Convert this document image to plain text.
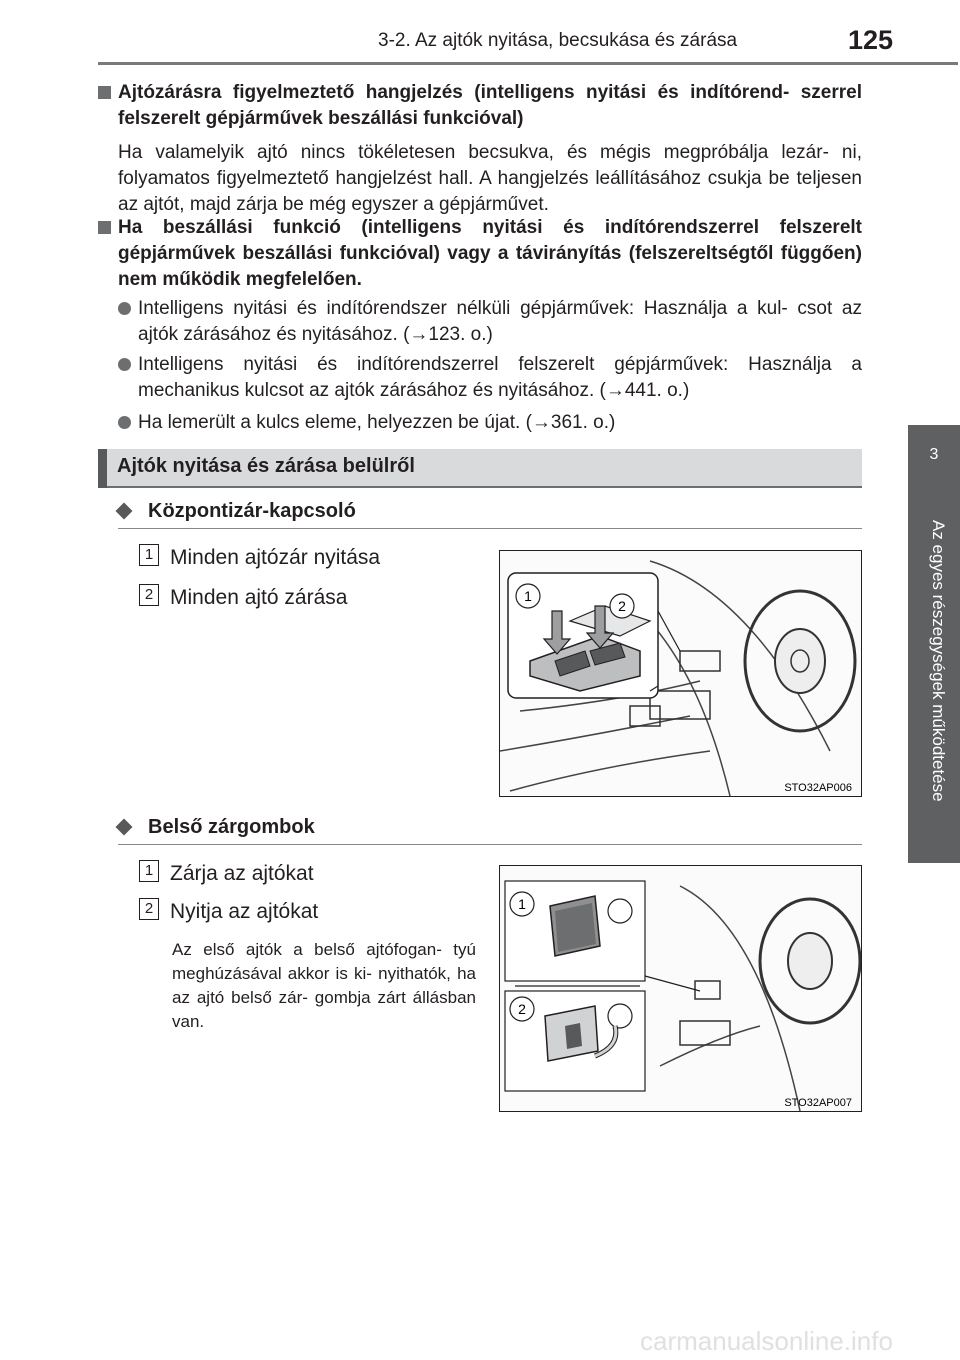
3-2. Az ajtók nyitása, becsukása és zárása	125
3
Az egyes részegységek működtetése
Ajtózárásra figyelmeztető hangjelzés (intelligens nyitási és indítórend- szerrel felszerelt gépjárművek beszállási funkcióval)
Ha valamelyik ajtó nincs tökéletesen becsukva, és mégis megpróbálja lezár- ni, folyamatos figyelmeztető hangjelzést hall. A hangjelzés leállításához csukja be teljesen az ajtót, majd zárja be még egyszer a gépjárművet.
Ha beszállási funkció (intelligens nyitási és indítórendszerrel felszerelt gépjárművek beszállási funkcióval) vagy a távirányítás (felszereltségtől függően) nem működik megfelelően.
Intelligens nyitási és indítórendszer nélküli gépjárművek: Használja a kul- csot az ajtók zárásához és nyitásához. (→123. o.)
Intelligens nyitási és indítórendszerrel felszerelt gépjárművek: Használja a mechanikus kulcsot az ajtók zárásához és nyitásához. (→441. o.)
Ha lemerült a kulcs eleme, helyezzen be újat. (→361. o.)
Ajtók nyitása és zárása belülről
Központizár-kapcsoló
1 Minden ajtózár nyitása
2 Minden ajtó zárása	1
2
STO32AP006
Belső zárgombok
1 Zárja az ajtókat
2 Nyitja az ajtókat
Az első ajtók a belső ajtófogan- tyú meghúzásával akkor is ki- nyithatók, ha az ajtó belső zár- gombja zárt állásban van.
1
2
STO32AP007
carmanualsonline.info
